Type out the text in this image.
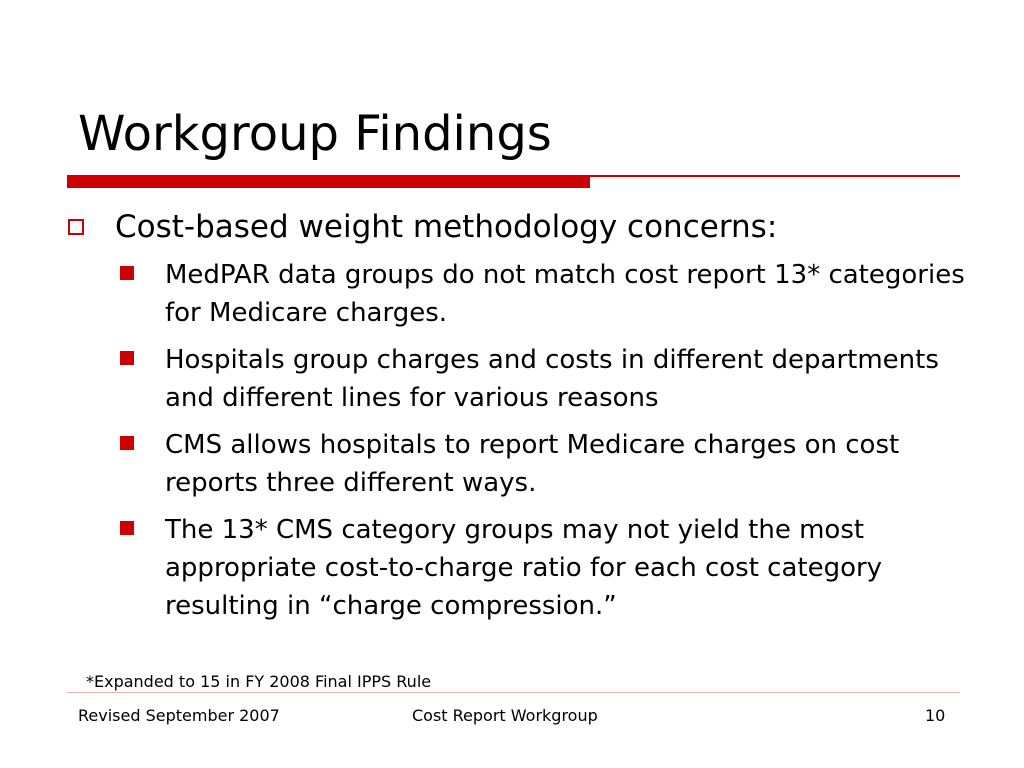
Workgroup Findings
Cost-based weight methodology concerns:
MedPAR data groups do not match cost report 13* categories for Medicare charges.
Hospitals group charges and costs in different departments and different lines for various reasons
CMS allows hospitals to report Medicare charges on cost reports three different ways.
The 13* CMS category groups may not yield the most appropriate cost-to-charge ratio for each cost category resulting in “charge compression.”
*Expanded to 15 in FY 2008 Final IPPS Rule
Revised September 2007	Cost Report Workgroup	10
